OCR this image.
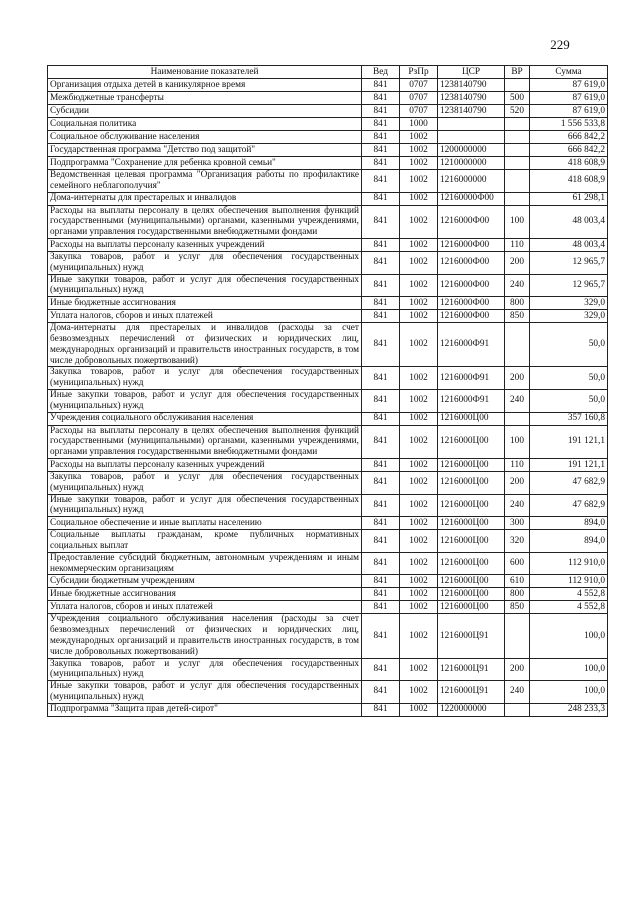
229
Наименование показателей	Вед	РзПр	ЦСР	ВР	Сумма
Организация отдыха детей в каникулярное время	841	0707	1238140790		87 619,0
Межбюджетные трансферты	841	0707	1238140790	500	87 619,0
Субсидии	841	0707	1238140790	520	87 619,0
Социальная политика	841	1000			1 556 533,8
Социальное обслуживание населения	841	1002			666 842,2
Государственная программа "Детство под защитой"	841	1002	1200000000		666 842,2
Подпрограмма "Сохранение для ребенка кровной семьи"	841	1002	1210000000		418 608,9
Ведомственная целевая программа "Организация работы по профилактике семейного неблагополучия"	841	1002	1216000000		418 608,9
Дома-интернаты для престарелых и инвалидов	841	1002	12160000Ф00		61 298,1
Расходы на выплаты персоналу в целях обеспечения выполнения функций государственными (муниципальными) органами, казенными учреждениями, органами управления государственными внебюджетными фондами	841	1002	1216000Ф00	100	48 003,4
Расходы на выплаты персоналу казенных учреждений	841	1002	1216000Ф00	110	48 003,4
Закупка товаров, работ и услуг для обеспечения государственных (муниципальных) нужд	841	1002	1216000Ф00	200	12 965,7
Иные закупки товаров, работ и услуг для обеспечения государственных (муниципальных) нужд	841	1002	1216000Ф00	240	12 965,7
Иные бюджетные ассигнования	841	1002	1216000Ф00	800	329,0
Уплата налогов, сборов и иных платежей	841	1002	1216000Ф00	850	329,0
Дома-интернаты для престарелых и инвалидов (расходы за счет безвозмездных перечислений от физических и юридических лиц, международных организаций и правительств иностранных государств, в том числе добровольных пожертвований)	841	1002	1216000Ф91		50,0
Закупка товаров, работ и услуг для обеспечения государственных (муниципальных) нужд	841	1002	1216000Ф91	200	50,0
Иные закупки товаров, работ и услуг для обеспечения государственных (муниципальных) нужд	841	1002	1216000Ф91	240	50,0
Учреждения социального обслуживания населения	841	1002	1216000Ц00		357 160,8
Расходы на выплаты персоналу в целях обеспечения выполнения функций государственными (муниципальными) органами, казенными учреждениями, органами управления государственными внебюджетными фондами	841	1002	1216000Ц00	100	191 121,1
Расходы на выплаты персоналу казенных учреждений	841	1002	1216000Ц00	110	191 121,1
Закупка товаров, работ и услуг для обеспечения государственных (муниципальных) нужд	841	1002	1216000Ц00	200	47 682,9
Иные закупки товаров, работ и услуг для обеспечения государственных (муниципальных) нужд	841	1002	1216000Ц00	240	47 682,9
Социальное обеспечение и иные выплаты населению	841	1002	1216000Ц00	300	894,0
Социальные выплаты гражданам, кроме публичных нормативных социальных выплат	841	1002	1216000Ц00	320	894,0
Предоставление субсидий бюджетным, автономным учреждениям и иным некоммерческим организациям	841	1002	1216000Ц00	600	112 910,0
Субсидии бюджетным учреждениям	841	1002	1216000Ц00	610	112 910,0
Иные бюджетные ассигнования	841	1002	1216000Ц00	800	4 552,8
Уплата налогов, сборов и иных платежей	841	1002	1216000Ц00	850	4 552,8
Учреждения социального обслуживания населения (расходы за счет безвозмездных перечислений от физических и юридических лиц, международных организаций и правительств иностранных государств, в том числе добровольных пожертвований)	841	1002	1216000Ц91		100,0
Закупка товаров, работ и услуг для обеспечения государственных (муниципальных) нужд	841	1002	1216000Ц91	200	100,0
Иные закупки товаров, работ и услуг для обеспечения государственных (муниципальных) нужд	841	1002	1216000Ц91	240	100,0
Подпрограмма "Защита прав детей-сирот"	841	1002	1220000000		248 233,3
